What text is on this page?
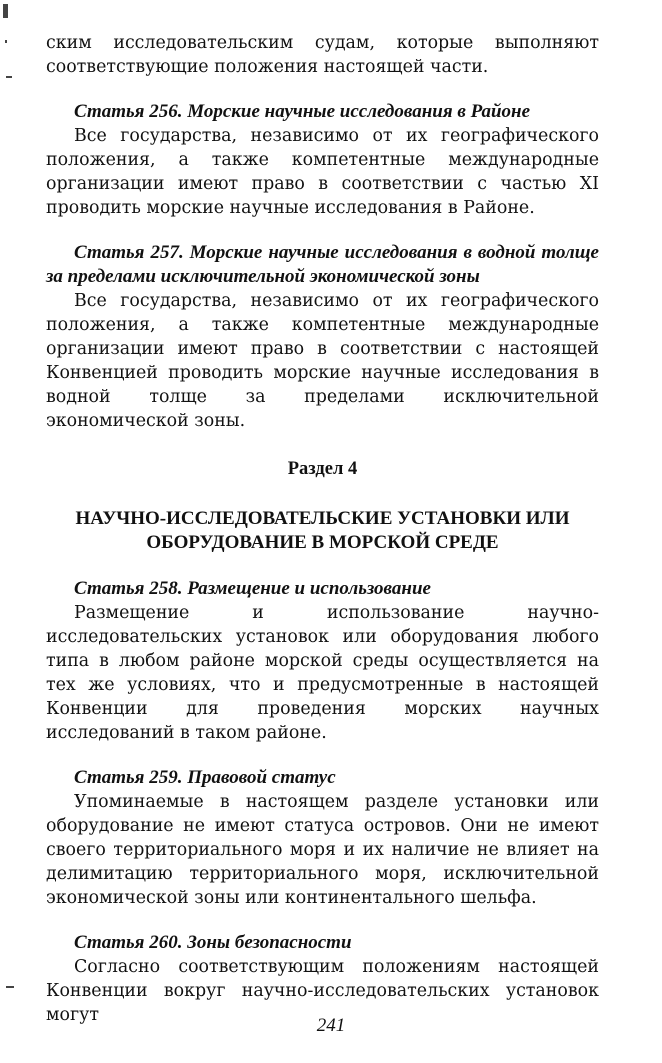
ским исследовательским судам, которые выполняют соответствующие положения настоящей части.

Статья 256. Морские научные исследования в Районе

Все государства, независимо от их географического положения, а также компетентные международные организации имеют право в соответствии с частью XI проводить морские научные исследования в Районе.

Статья 257. Морские научные исследования в водной толще за пределами исключительной экономической зоны

Все государства, независимо от их географического положения, а также компетентные международные организации имеют право в соответствии с настоящей Конвенцией проводить морские научные исследования в водной толще за пределами исключительной экономической зоны.

Раздел 4

НАУЧНО-ИССЛЕДОВАТЕЛЬСКИЕ УСТАНОВКИ ИЛИ ОБОРУДОВАНИЕ В МОРСКОЙ СРЕДЕ

Статья 258. Размещение и использование

Размещение и использование научно-исследовательских установок или оборудования любого типа в любом районе морской среды осуществляется на тех же условиях, что и предусмотренные в настоящей Конвенции для проведения морских научных исследований в таком районе.

Статья 259. Правовой статус

Упоминаемые в настоящем разделе установки или оборудование не имеют статуса островов. Они не имеют своего территориального моря и их наличие не влияет на делимитацию территориального моря, исключительной экономической зоны или континентального шельфа.

Статья 260. Зоны безопасности

Согласно соответствующим положениям настоящей Конвенции вокруг научно-исследовательских установок могут	241
